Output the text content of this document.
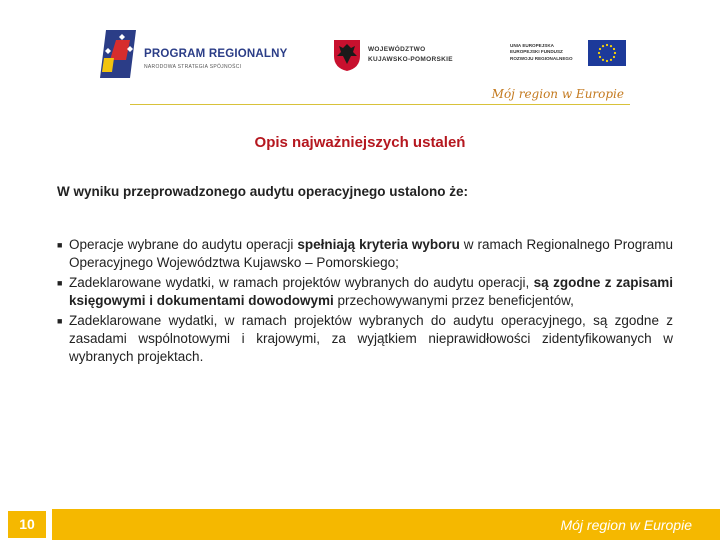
PROGRAM REGIONALNY
NARODOWA STRATEGIA SPÓJNOŚCI
WOJEWÓDZTWO
KUJAWSKO-POMORSKIE
UNIA EUROPEJSKA EUROPEJSKI FUNDUSZ ROZWOJU REGIONALNEGO
Mój region w Europie
Opis najważniejszych ustaleń
W wyniku przeprowadzonego audytu operacyjnego ustalono że:
■ Operacje wybrane do audytu operacji spełniają kryteria wyboru w ramach Regionalnego Programu Operacyjnego Województwa Kujawsko – Pomorskiego;
■ Zadeklarowane wydatki, w ramach projektów wybranych do audytu operacji, są zgodne z zapisami księgowymi i dokumentami dowodowymi przechowywanymi przez beneficjentów,
■ Zadeklarowane wydatki, w ramach projektów wybranych do audytu operacyjnego, są zgodne z zasadami wspólnotowymi i krajowymi, za wyjątkiem nieprawidłowości zidentyfikowanych w wybranych projektach.
10	Mój region w Europie
